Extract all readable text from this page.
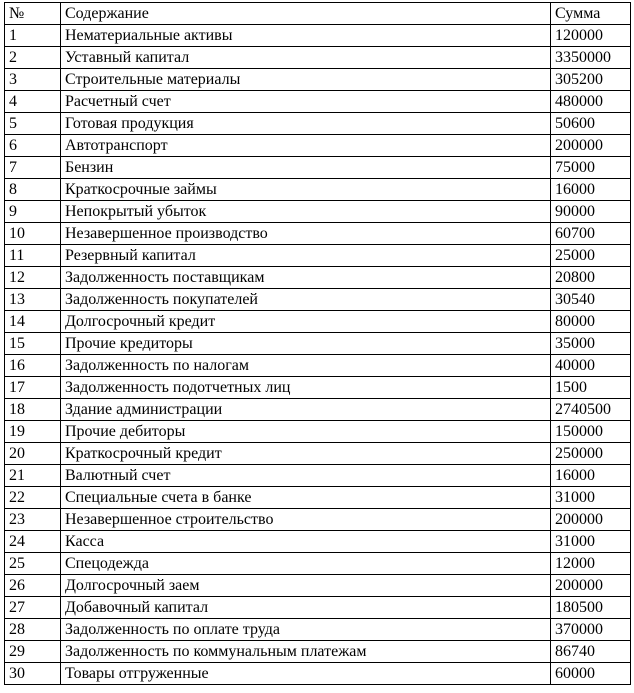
№	Содержание	Сумма
1	Нематериальные активы	120000
2	Уставный капитал	3350000
3	Строительные материалы	305200
4	Расчетный счет	480000
5	Готовая продукция	50600
6	Автотранспорт	200000
7	Бензин	75000
8	Краткосрочные займы	16000
9	Непокрытый убыток	90000
10	Незавершенное производство	60700
11	Резервный капитал	25000
12	Задолженность поставщикам	20800
13	Задолженность покупателей	30540
14	Долгосрочный кредит	80000
15	Прочие кредиторы	35000
16	Задолженность по налогам	40000
17	Задолженность подотчетных лиц	1500
18	Здание администрации	2740500
19	Прочие дебиторы	150000
20	Краткосрочный кредит	250000
21	Валютный счет	16000
22	Специальные счета в банке	31000
23	Незавершенное строительство	200000
24	Касса	31000
25	Спецодежда	12000
26	Долгосрочный заем	200000
27	Добавочный капитал	180500
28	Задолженность по оплате труда	370000
29	Задолженность по коммунальным платежам	86740
30	Товары отгруженные	60000
